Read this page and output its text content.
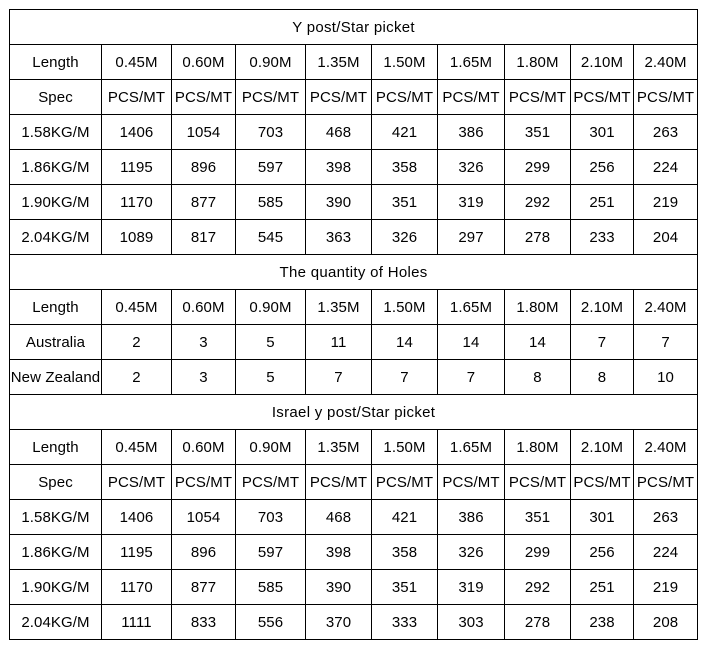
Y post/Star picket									
Length	0.45M	0.60M	0.90M	1.35M	1.50M	1.65M	1.80M	2.10M	2.40M
Spec	PCS/MT	PCS/MT	PCS/MT	PCS/MT	PCS/MT	PCS/MT	PCS/MT	PCS/MT	PCS/MT
1.58KG/M	1406	1054	703	468	421	386	351	301	263
1.86KG/M	1195	896	597	398	358	326	299	256	224
1.90KG/M	1170	877	585	390	351	319	292	251	219
2.04KG/M	1089	817	545	363	326	297	278	233	204
The quantity of Holes									
Length	0.45M	0.60M	0.90M	1.35M	1.50M	1.65M	1.80M	2.10M	2.40M
Australia	2	3	5	11	14	14	14	7	7
New Zealand	2	3	5	7	7	7	8	8	10
Israel y post/Star picket									
Length	0.45M	0.60M	0.90M	1.35M	1.50M	1.65M	1.80M	2.10M	2.40M
Spec	PCS/MT	PCS/MT	PCS/MT	PCS/MT	PCS/MT	PCS/MT	PCS/MT	PCS/MT	PCS/MT
1.58KG/M	1406	1054	703	468	421	386	351	301	263
1.86KG/M	1195	896	597	398	358	326	299	256	224
1.90KG/M	1170	877	585	390	351	319	292	251	219
2.04KG/M	1111	833	556	370	333	303	278	238	208
